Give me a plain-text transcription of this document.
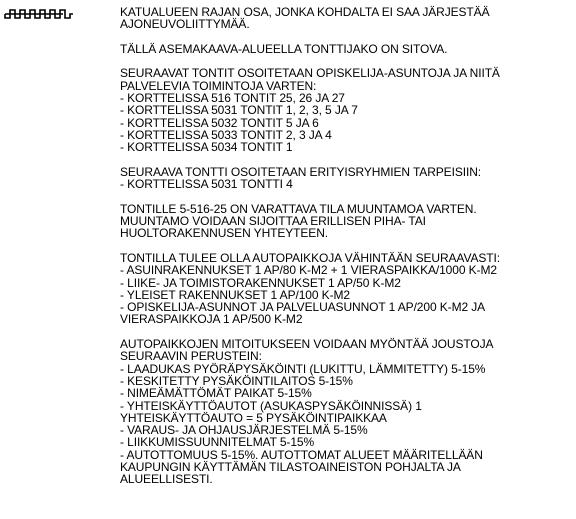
KATUALUEEN RAJAN OSA, JONKA KOHDALTA EI SAA JÄRJESTÄÄ
AJONEUVOLIITTYMÄÄ.
TÄLLÄ ASEMAKAAVA-ALUEELLA TONTTIJAKO ON SITOVA.
SEURAAVAT TONTIT OSOITETAAN OPISKELIJA-ASUNTOJA JA NIITÄ
PALVELEVIA TOIMINTOJA VARTEN:
- KORTTELISSA 516 TONTIT 25, 26 JA 27
- KORTTELISSA 5031 TONTIT 1, 2, 3, 5 JA 7
- KORTTELISSA 5032 TONTIT 5 JA 6
- KORTTELISSA 5033 TONTIT 2, 3 JA 4
- KORTTELISSA 5034 TONTIT 1
SEURAAVA TONTTI OSOITETAAN ERITYISRYHMIEN TARPEISIIN:
- KORTTELISSA 5031 TONTTI 4
TONTILLE 5-516-25 ON VARATTAVA TILA MUUNTAMOA VARTEN.
MUUNTAMO VOIDAAN SIJOITTAA ERILLISEN PIHA- TAI
HUOLTORAKENNUSEN YHTEYTEEN.
TONTILLA TULEE OLLA AUTOPAIKKOJA VÄHINTÄÄN SEURAAVASTI:
- ASUINRAKENNUKSET 1 AP/80 K-M2 + 1 VIERASPAIKKA/1000 K-M2
- LIIKE- JA TOIMISTORAKENNUKSET 1 AP/50 K-M2
- YLEISET RAKENNUKSET 1 AP/100 K-M2
- OPISKELIJA-ASUNNOT JA PALVELUASUNNOT 1 AP/200 K-M2 JA
VIERASPAIKKOJA 1 AP/500 K-M2
AUTOPAIKKOJEN MITOITUKSEEN VOIDAAN MYÖNTÄÄ JOUSTOJA
SEURAAVIN PERUSTEIN:
- LAADUKAS PYÖRÄPYSÄKÖINTI (LUKITTU, LÄMMITETTY) 5-15%
- KESKITETTY PYSÄKÖINTILAITOS 5-15%
- NIMEÄMÄTTÖMÄT PAIKAT 5-15%
- YHTEISKÄYTTÖAUTOT (ASUKASPYSÄKÖINNISSÄ) 1
YHTEISKÄYTTÖAUTO = 5 PYSÄKÖINTIPAIKKAA
- VARAUS- JA OHJAUSJÄRJESTELMÄ 5-15%
- LIIKKUMISSUUNNITELMAT 5-15%
- AUTOTTOMUUS 5-15%. AUTOTTOMAT ALUEET MÄÄRITELLÄÄN
KAUPUNGIN KÄYTTÄMÄN TILASTOAINEISTON POHJALTA JA
ALUEELLISESTI.
